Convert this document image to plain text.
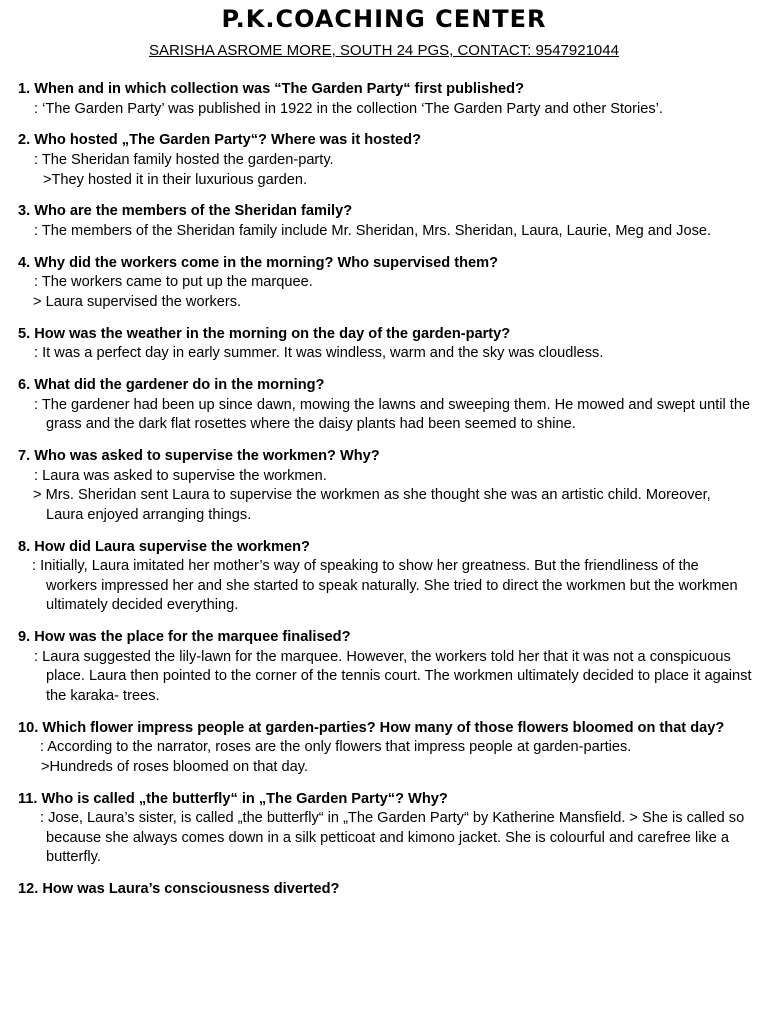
P.K.COACHING CENTER

SARISHA ASROME MORE, SOUTH 24 PGS, CONTACT: 9547921044

1. When and in which collection was “The Garden Party“ first published?

: ‘The Garden Party’ was published in 1922 in the collection ‘The Garden Party and other Stories’.

2. Who hosted „The Garden Party“? Where was it hosted?

: The Sheridan family hosted the garden-party.

>They hosted it in their luxurious garden.

3. Who are the members of the Sheridan family?

: The members of the Sheridan family include Mr. Sheridan, Mrs. Sheridan, Laura, Laurie, Meg and Jose.

4. Why did the workers come in the morning? Who supervised them?

: The workers came to put up the marquee.

> Laura supervised the workers.

5. How was the weather in the morning on the day of the garden-party?

: It was a perfect day in early summer. It was windless, warm and the sky was cloudless.

6. What did the gardener do in the morning?

: The gardener had been up since dawn, mowing the lawns and sweeping them. He mowed and swept until the grass and the dark flat rosettes where the daisy plants had been seemed to shine.

7. Who was asked to supervise the workmen? Why?

: Laura was asked to supervise the workmen.

> Mrs. Sheridan sent Laura to supervise the workmen as she thought she was an artistic child. Moreover, Laura enjoyed arranging things.

8. How did Laura supervise the workmen?

: Initially, Laura imitated her mother’s way of speaking to show her greatness. But the friendliness of the workers impressed her and she started to speak naturally. She tried to direct the workmen but the workmen ultimately decided everything.

9. How was the place for the marquee finalised?

: Laura suggested the lily-lawn for the marquee. However, the workers told her that it was not a conspicuous place. Laura then pointed to the corner of the tennis court. The workmen ultimately decided to place it against the karaka- trees.

10. Which flower impress people at garden-parties? How many of those flowers bloomed on that day?

: According to the narrator, roses are the only flowers that impress people at garden-parties.

>Hundreds of roses bloomed on that day.

11. Who is called „the butterfly“ in „The Garden Party“? Why?

: Jose, Laura’s sister, is called „the butterfly“ in „The Garden Party“ by Katherine Mansfield. > She is called so because she always comes down in a silk petticoat and kimono jacket. She is colourful and carefree like a butterfly.

12. How was Laura’s consciousness diverted?
